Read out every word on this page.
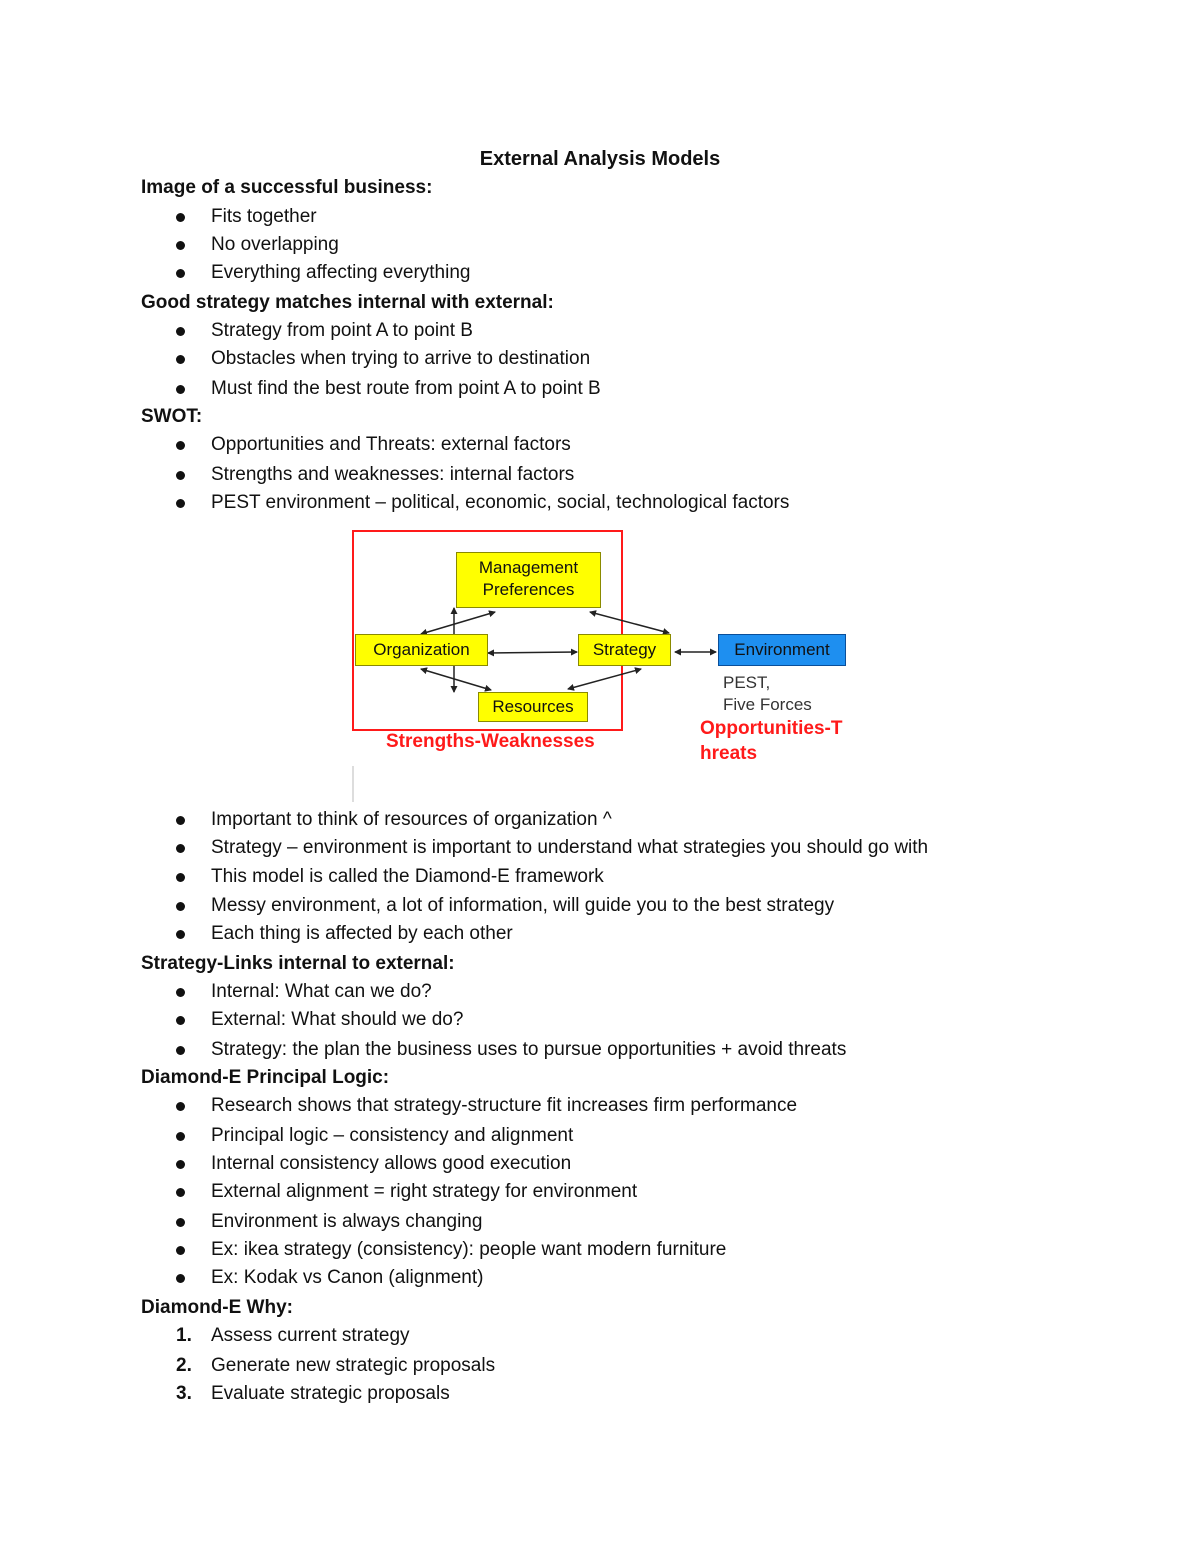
External Analysis Models
Image of a successful business:
Fits together
No overlapping
Everything affecting everything
Good strategy matches internal with external:
Strategy from point A to point B
Obstacles when trying to arrive to destination
Must find the best route from point A to point B
SWOT:
Opportunities and Threats: external factors
Strengths and weaknesses: internal factors
PEST environment – political, economic, social, technological factors
Management
Preferences
Organization	Strategy
Resources
Environment
PEST,
Five Forces
Strengths-Weaknesses
Opportunities-T
hreats
Important to think of resources of organization ^
Strategy – environment is important to understand what strategies you should go with
This model is called the Diamond-E framework
Messy environment, a lot of information, will guide you to the best strategy
Each thing is affected by each other
Strategy-Links internal to external:
Internal: What can we do?
External: What should we do?
Strategy: the plan the business uses to pursue opportunities + avoid threats
Diamond-E Principal Logic:
Research shows that strategy-structure fit increases firm performance
Principal logic – consistency and alignment
Internal consistency allows good execution
External alignment = right strategy for environment
Environment is always changing
Ex: ikea strategy (consistency): people want modern furniture
Ex: Kodak vs Canon (alignment)
Diamond-E Why:
1. Assess current strategy
2. Generate new strategic proposals
3. Evaluate strategic proposals
